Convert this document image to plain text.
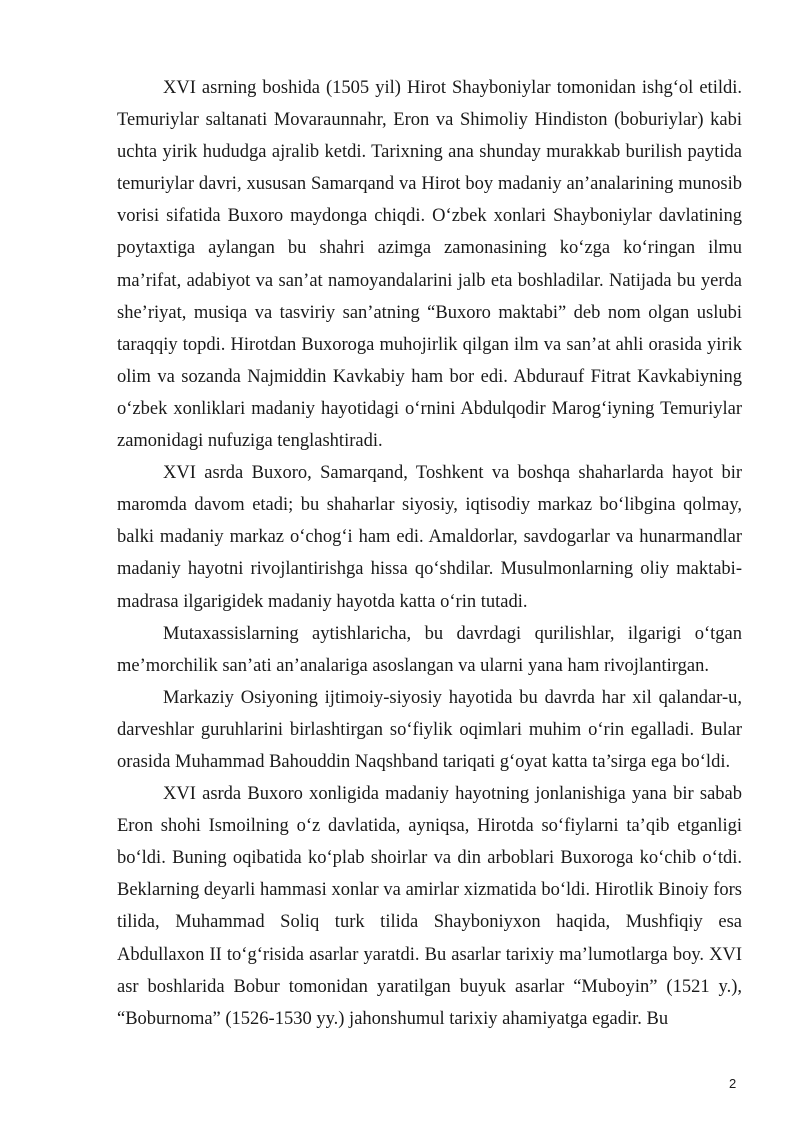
XVI asrning boshida (1505 yil) Hirot Shayboniylar tomonidan ishg‘ol etildi. Temuriylar saltanati Movaraunnahr, Eron va Shimoliy Hindiston (boburiylar) kabi uchta yirik hududga ajralib ketdi. Tarixning ana shunday murakkab burilish paytida temuriylar davri, xususan Samarqand va Hirot boy madaniy an’analarining munosib vorisi sifatida Buxoro maydonga chiqdi. O‘zbek xonlari Shayboniylar davlatining poytaxtiga aylangan bu shahri azimga zamonasining ko‘zga ko‘ringan ilmu ma’rifat, adabiyot va san’at namoyandalarini jalb eta boshladilar. Natijada bu yerda she’riyat, musiqa va tasviriy san’atning “Buxoro maktabi” deb nom olgan uslubi taraqqiy topdi. Hirotdan Buxoroga muhojirlik qilgan ilm va san’at ahli orasida yirik olim va sozanda Najmiddin Kavkabiy ham bor edi. Abdurauf Fitrat Kavkabiyning o‘zbek xonliklari madaniy hayotidagi o‘rnini Abdulqodir Marog‘iyning Temuriylar zamonidagi nufuziga tenglashtiradi.

XVI asrda Buxoro, Samarqand, Toshkent va boshqa shaharlarda hayot bir maromda davom etadi; bu shaharlar siyosiy, iqtisodiy markaz bo‘libgina qolmay, balki madaniy markaz o‘chog‘i ham edi. Amaldorlar, savdogarlar va hunarmandlar madaniy hayotni rivojlantirishga hissa qo‘shdilar. Musulmonlarning oliy maktabi-madrasa ilgarigidek madaniy hayotda katta o‘rin tutadi.

Mutaxassislarning aytishlaricha, bu davrdagi qurilishlar, ilgarigi o‘tgan me’morchilik san’ati an’analariga asoslangan va ularni yana ham rivojlantirgan.

Markaziy Osiyoning ijtimoiy-siyosiy hayotida bu davrda har xil qalandar-u, darveshlar guruhlarini birlashtirgan so‘fiylik oqimlari muhim o‘rin egalladi. Bular orasida Muhammad Bahouddin Naqshband tariqati g‘oyat katta ta’sirga ega bo‘ldi.

XVI asrda Buxoro xonligida madaniy hayotning jonlanishiga yana bir sabab Eron shohi Ismoilning o‘z davlatida, ayniqsa, Hirotda so‘fiylarni ta’qib etganligi bo‘ldi. Buning oqibatida ko‘plab shoirlar va din arboblari Buxoroga ko‘chib o‘tdi. Beklarning deyarli hammasi xonlar va amirlar xizmatida bo‘ldi. Hirotlik Binoiy fors tilida, Muhammad Soliq turk tilida Shayboniyxon haqida, Mushfiqiy esa Abdullaxon II to‘g‘risida asarlar yaratdi. Bu asarlar tarixiy ma’lumotlarga boy. XVI asr boshlarida Bobur tomonidan yaratilgan buyuk asarlar “Muboyin” (1521 y.), “Boburnoma” (1526-1530 yy.) jahonshumul tarixiy ahamiyatga egadir. Bu

2
